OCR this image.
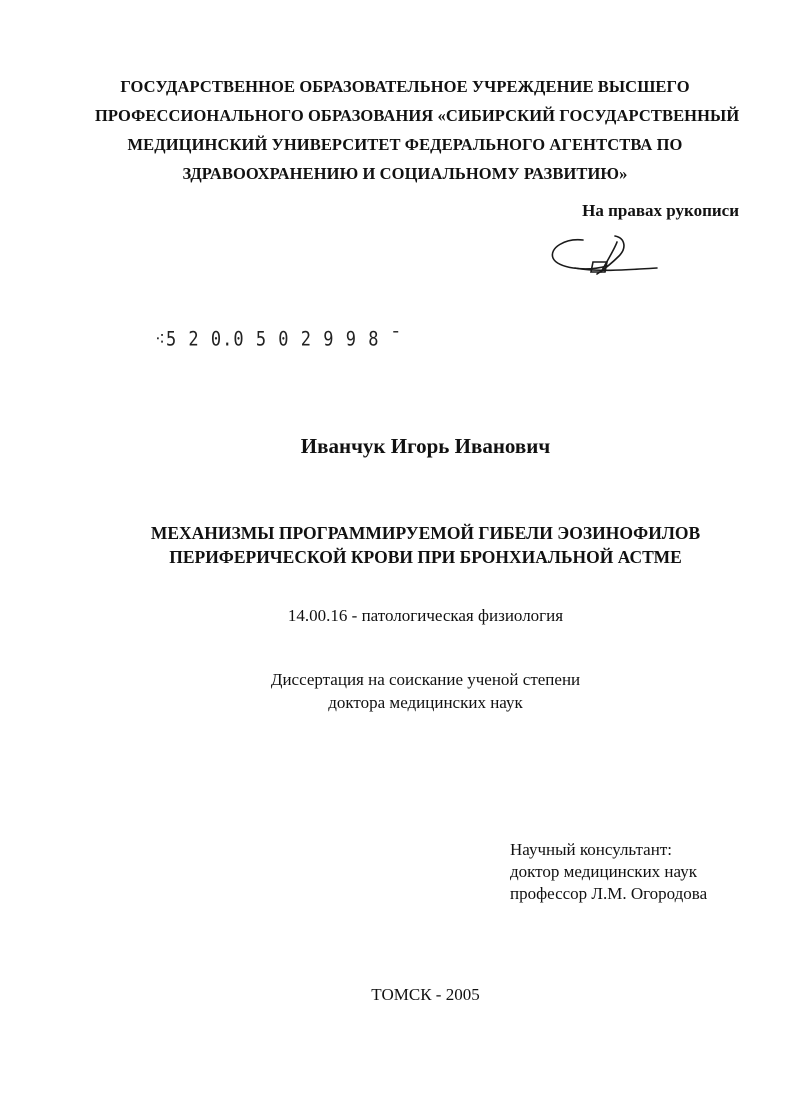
ГОСУДАРСТВЕННОЕ ОБРАЗОВАТЕЛЬНОЕ УЧРЕЖДЕНИЕ ВЫСШЕГО
ПРОФЕССИОНАЛЬНОГО ОБРАЗОВАНИЯ «СИБИРСКИЙ ГОСУДАРСТВЕННЫЙ
МЕДИЦИНСКИЙ УНИВЕРСИТЕТ ФЕДЕРАЛЬНОГО АГЕНТСТВА ПО
ЗДРАВООХРАНЕНИЮ И СОЦИАЛЬНОМУ РАЗВИТИЮ»
На правах рукописи
⁖5 2 0.0 5 0 2 9 9 8 ˉ
Иванчук Игорь Иванович
МЕХАНИЗМЫ ПРОГРАММИРУЕМОЙ ГИБЕЛИ ЭОЗИНОФИЛОВ
ПЕРИФЕРИЧЕСКОЙ КРОВИ ПРИ БРОНХИАЛЬНОЙ АСТМЕ
14.00.16 - патологическая физиология
Диссертация на соискание ученой степени
доктора медицинских наук
Научный консультант:
доктор медицинских наук
профессор Л.М. Огородова
ТОМСК - 2005
